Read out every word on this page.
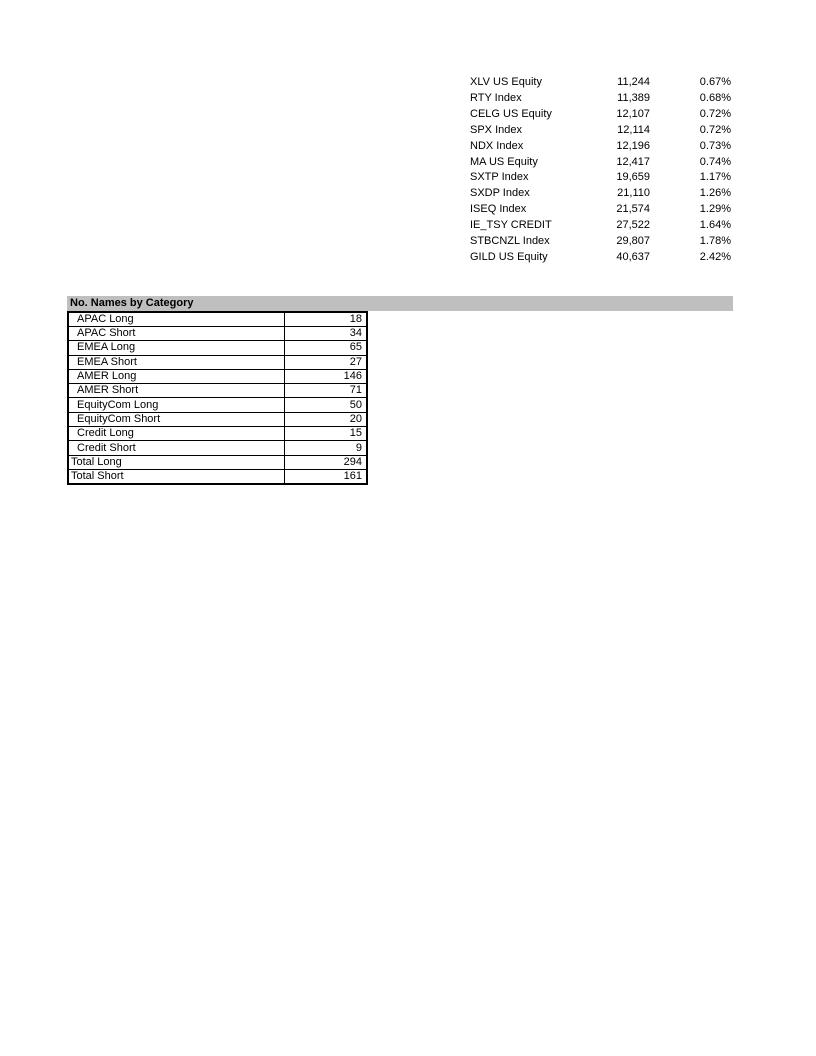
XLV US Equity	11,244	0.67%
RTY Index	11,389	0.68%
CELG US Equity	12,107	0.72%
SPX Index	12,114	0.72%
NDX Index	12,196	0.73%
MA US Equity	12,417	0.74%
SXTP Index	19,659	1.17%
SXDP Index	21,110	1.26%
ISEQ Index	21,574	1.29%
IE_TSY CREDIT	27,522	1.64%
STBCNZL Index	29,807	1.78%
GILD US Equity	40,637	2.42%
No. Names by Category
APAC Long	18
APAC Short	34
EMEA Long	65
EMEA Short	27
AMER Long	146
AMER Short	71
EquityCom Long	50
EquityCom Short	20
Credit Long	15
Credit Short	9
Total Long	294
Total Short	161
